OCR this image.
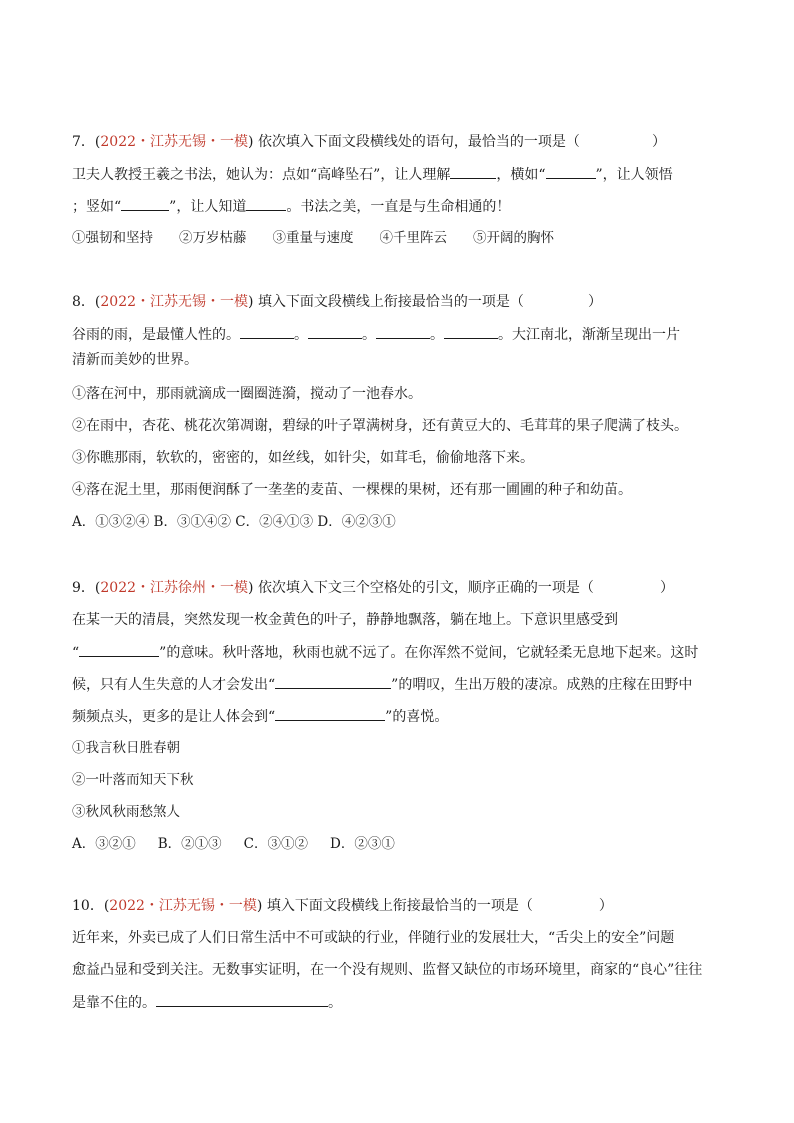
7．(2022・江苏无锡・一模) 依次填入下面文段横线处的语句，最恰当的一项是（	）
卫夫人教授王羲之书法，她认为：点如“高峰坠石”，让人理解	，横如“	”，让人领悟
；竖如“	”，让人知道	。书法之美，一直是与生命相通的！
①强韧和坚持 ②万岁枯藤 ③重量与速度 ④千里阵云 ⑤开阔的胸怀
8．(2022・江苏无锡・一模) 填入下面文段横线上衔接最恰当的一项是（	）
谷雨的雨，是最懂人性的。	。	。	。	。大江南北，渐渐呈现出一片
清新而美妙的世界。
①落在河中，那雨就滴成一圈圈涟漪，搅动了一池春水。
②在雨中，杏花、桃花次第凋谢，碧绿的叶子罩满树身，还有黄豆大的、毛茸茸的果子爬满了枝头。
③你瞧那雨，软软的，密密的，如丝线，如针尖，如茸毛，偷偷地落下来。
④落在泥土里，那雨便润酥了一垄垄的麦苗、一棵棵的果树，还有那一圃圃的种子和幼苗。
A．①③②④ B．③①④② C．②④①③ D．④②③①
9．(2022・江苏徐州・一模) 依次填入下文三个空格处的引文，顺序正确的一项是（	）
在某一天的清晨，突然发现一枚金黄色的叶子，静静地飘落，躺在地上。下意识里感受到
“	”的意味。秋叶落地，秋雨也就不远了。在你浑然不觉间，它就轻柔无息地下起来。这时
候，只有人生失意的人才会发出“	”的喟叹，生出万般的凄凉。成熟的庄稼在田野中
频频点头，更多的是让人体会到“	”的喜悦。
①我言秋日胜春朝
②一叶落而知天下秋
③秋风秋雨愁煞人
A．③②① B．②①③ C．③①② D．②③①
10．(2022・江苏无锡・一模) 填入下面文段横线上衔接最恰当的一项是（	）
近年来，外卖已成了人们日常生活中不可或缺的行业，伴随行业的发展壮大，“舌尖上的安全”问题
愈益凸显和受到关注。无数事实证明，在一个没有规则、监督又缺位的市场环境里，商家的“良心”往往
是靠不住的。	。
